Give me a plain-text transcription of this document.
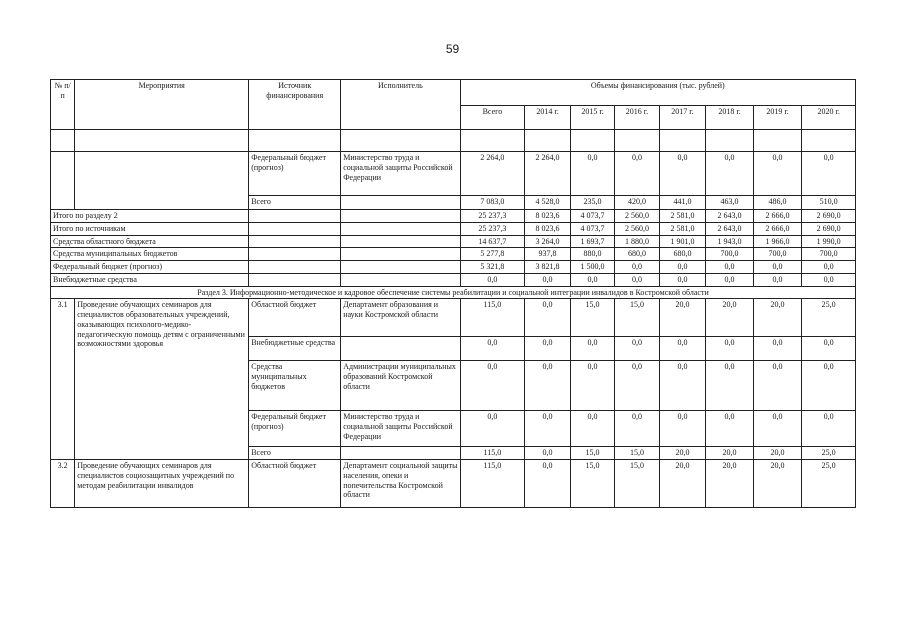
59
№ п/п	Мероприятия	Источник финансирования	Исполнитель	Объемы финансирования (тыс. рублей)							
				Всего	2014 г.	2015 г.	2016 г.	2017 г.	2018 г.	2019 г.	2020 г.

		Федеральный бюджет (прогноз)	Министерство труда и социальной защиты Российской Федерации	2 264,0	2 264,0	0,0	0,0	0,0	0,0	0,0	0,0
		Всего		7 083,0	4 528,0	235,0	420,0	441,0	463,0	486,0	510,0
Итого по разделу 2				25 237,3	8 023,6	4 073,7	2 560,0	2 581,0	2 643,0	2 666,0	2 690,0
Итого по источникам				25 237,3	8 023,6	4 073,7	2 560,0	2 581,0	2 643,0	2 666,0	2 690,0
Средства областного бюджета				14 637,7	3 264,0	1 693,7	1 880,0	1 901,0	1 943,0	1 966,0	1 990,0
Средства муниципальных бюджетов				5 277,8	937,8	880,0	680,0	680,0	700,0	700,0	700,0
Федеральный бюджет (прогноз)				5 321,8	3 821,8	1 500,0	0,0	0,0	0,0	0,0	0,0
Внебюджетные средства				0,0	0,0	0,0	0,0	0,0	0,0	0,0	0,0
Раздел 3. Информационно-методическое и кадровое обеспечение системы реабилитации и социальной интеграции инвалидов в Костромской области											
3.1	Проведение обучающих семинаров для специалистов образовательных учреждений, оказывающих психолого-медико-педагогическую помощь детям с ограниченными возможностями здоровья	Областной бюджет	Департамент образования и науки Костромской области	115,0	0,0	15,0	15,0	20,0	20,0	20,0	25,0
		Внебюджетные средства		0,0	0,0	0,0	0,0	0,0	0,0	0,0	0,0
		Средства муниципальных бюджетов	Администрации муниципальных образований Костромской области	0,0	0,0	0,0	0,0	0,0	0,0	0,0	0,0
		Федеральный бюджет (прогноз)	Министерство труда и социальной защиты Российской Федерации	0,0	0,0	0,0	0,0	0,0	0,0	0,0	0,0
		Всего		115,0	0,0	15,0	15,0	20,0	20,0	20,0	25,0
3.2	Проведение обучающих семинаров для специалистов социозащитных учреждений по методам реабилитации инвалидов	Областной бюджет	Департамент социальной защиты населения, опеки и попечительства Костромской области	115,0	0,0	15,0	15,0	20,0	20,0	20,0	25,0
